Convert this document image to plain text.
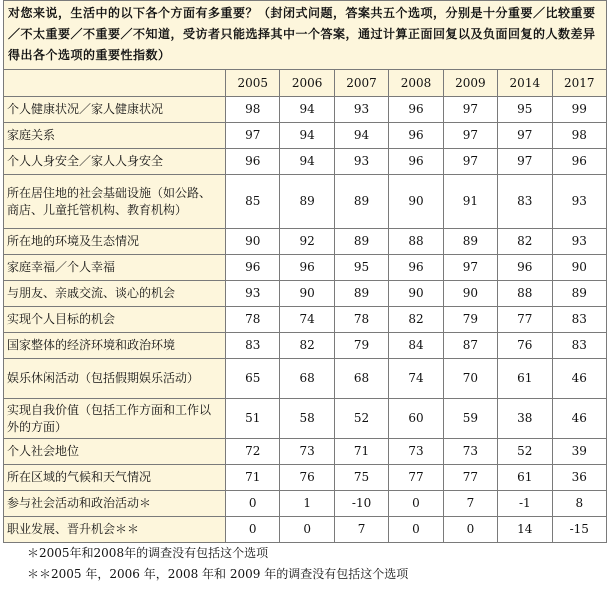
对您来说，生活中的以下各个方面有多重要？（封闭式问题，答案共五个选项，分别是十分重要／比较重要／不太重要／不重要／不知道，受访者只能选择其中一个答案，通过计算正面回复以及负面回复的人数差异得出各个选项的重要性指数）							
	2005	2006	2007	2008	2009	2014	2017
个人健康状况／家人健康状况	98	94	93	96	97	95	99
家庭关系	97	94	94	96	97	97	98
个人人身安全／家人人身安全	96	94	93	96	97	97	96
所在居住地的社会基础设施（如公路、商店、儿童托管机构、教育机构）	85	89	89	90	91	83	93
所在地的环境及生态情况	90	92	89	88	89	82	93
家庭幸福／个人幸福	96	96	95	96	97	96	90
与朋友、亲戚交流、谈心的机会	93	90	89	90	90	88	89
实现个人目标的机会	78	74	78	82	79	77	83
国家整体的经济环境和政治环境	83	82	79	84	87	76	83
娱乐休闲活动（包括假期娱乐活动）	65	68	68	74	70	61	46
实现自我价值（包括工作方面和工作以外的方面）	51	58	52	60	59	38	46
个人社会地位	72	73	71	73	73	52	39
所在区域的气候和天气情况	71	76	75	77	77	61	36
参与社会活动和政治活动＊	0	1	-10	0	7	-1	8
职业发展、晋升机会＊＊	0	0	7	0	0	14	-15
＊2005年和2008年的调查没有包括这个选项
＊＊2005 年，2006 年，2008 年和 2009 年的调查没有包括这个选项
